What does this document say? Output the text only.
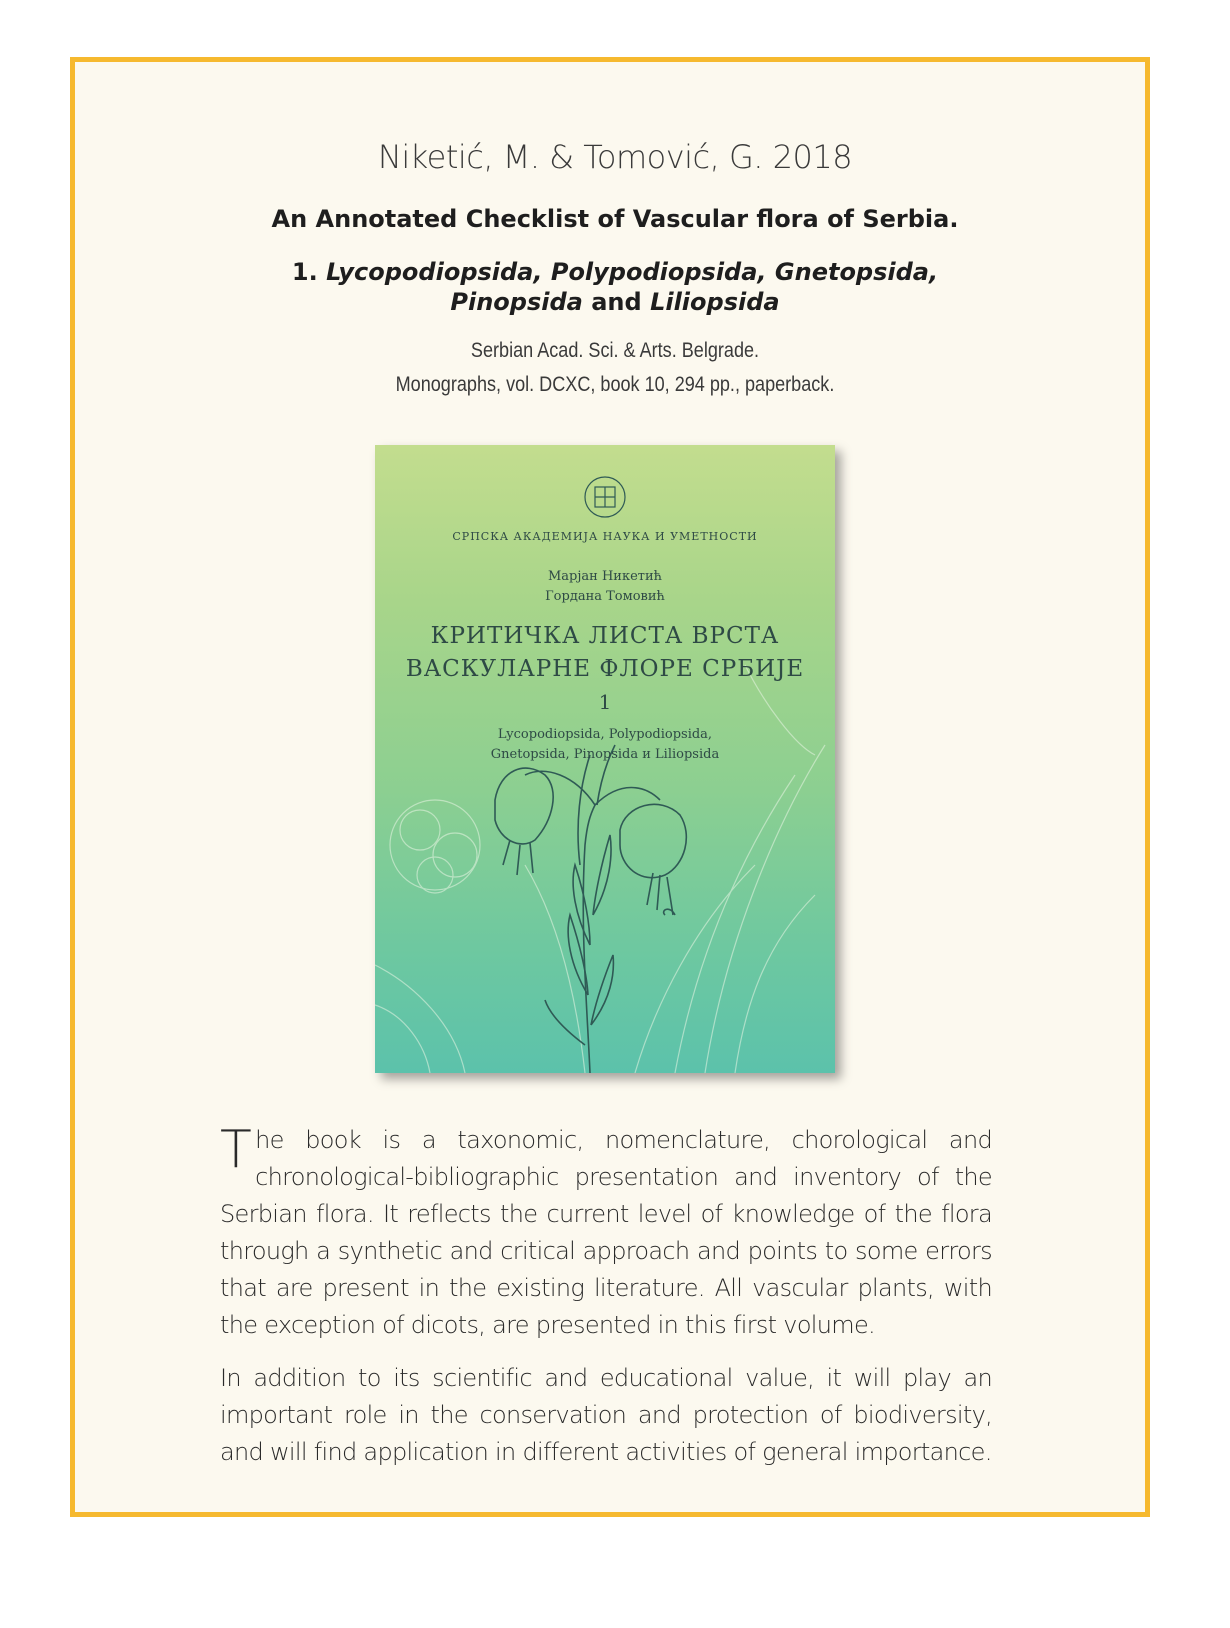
Niketić, M. & Tomović, G. 2018
An Annotated Checklist of Vascular flora of Serbia.
1. Lycopodiopsida, Polypodiopsida, Gnetopsida,
Pinopsida and Liliopsida
Serbian Acad. Sci. & Arts. Belgrade.
Monographs, vol. DCXC, book 10, 294 pp., paperback.
СРПСКА АКАДЕМИЈА НАУКА И УМЕТНОСТИ
Марјан Никетић
Гордана Томовић
КРИТИЧКА ЛИСТА ВРСТА
ВАСКУЛАРНЕ ФЛОРЕ СРБИЈЕ
1
Lycopodiopsida, Polypodiopsida,
Gnetopsida, Pinopsida и Liliopsida
The book is a taxonomic, nomenclature, chorological and chronological-bibliographic presentation and inventory of the Serbian flora. It reflects the current level of knowledge of the flora through a synthetic and critical approach and points to some errors that are present in the existing literature. All vascular plants, with the exception of dicots, are presented in this first volume.
In addition to its scientific and educational value, it will play an important role in the conservation and protection of biodiversity, and will find application in different activities of general importance.
